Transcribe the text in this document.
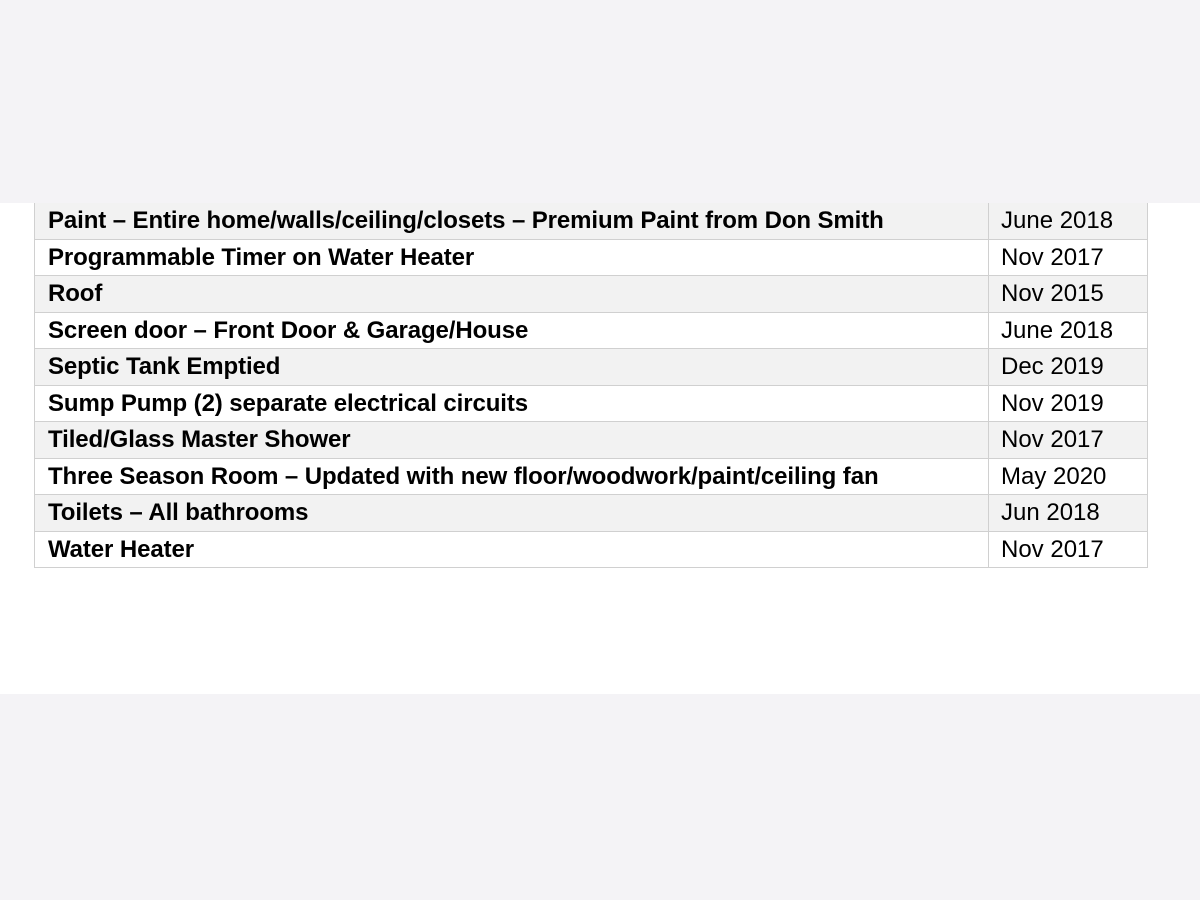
Paint – Entire home/walls/ceiling/closets – Premium Paint from Don Smith	June 2018
Programmable Timer on Water Heater	Nov 2017
Roof	Nov 2015
Screen door – Front Door & Garage/House	June 2018
Septic Tank Emptied	Dec 2019
Sump Pump (2) separate electrical circuits	Nov 2019
Tiled/Glass Master Shower	Nov 2017
Three Season Room – Updated with new floor/woodwork/paint/ceiling fan	May 2020
Toilets – All bathrooms	Jun 2018
Water Heater	Nov 2017
